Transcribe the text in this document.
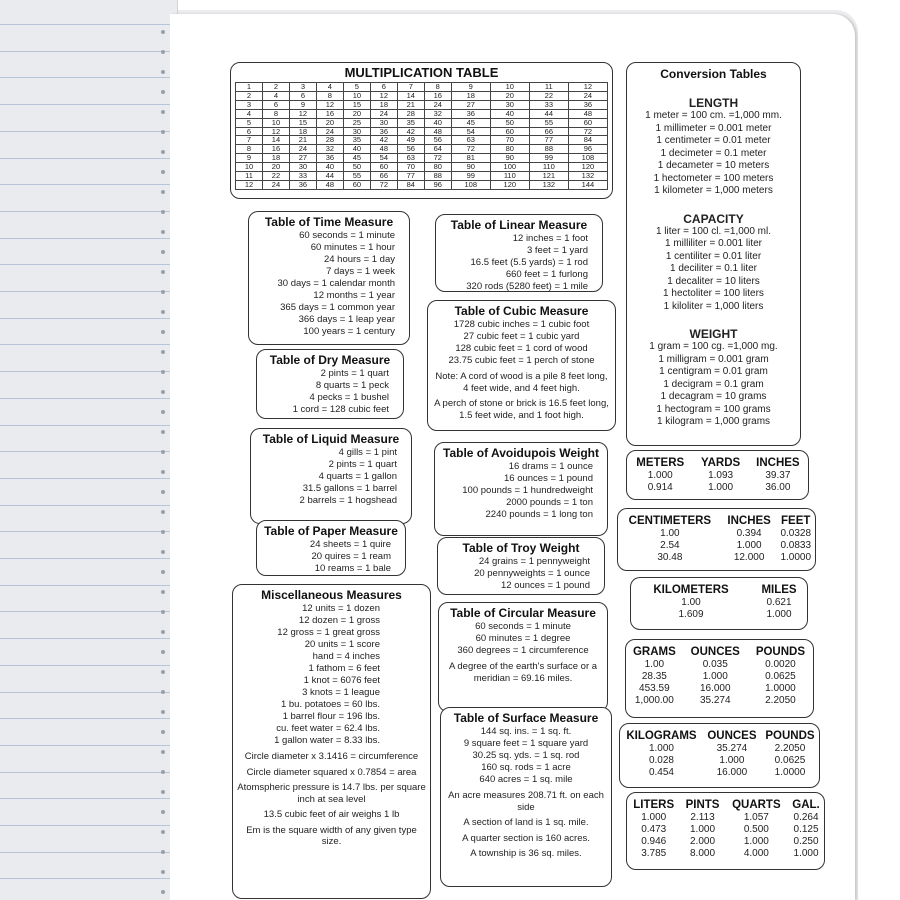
MULTIPLICATION TABLE
1	2	3	4	5	6	7	8	9	10	11	12
2	4	6	8	10	12	14	16	18	20	22	24
3	6	9	12	15	18	21	24	27	30	33	36
4	8	12	16	20	24	28	32	36	40	44	48
5	10	15	20	25	30	35	40	45	50	55	60
6	12	18	24	30	36	42	48	54	60	66	72
7	14	21	28	35	42	49	56	63	70	77	84
8	16	24	32	40	48	56	64	72	80	88	96
9	18	27	36	45	54	63	72	81	90	99	108
10	20	30	40	50	60	70	80	90	100	110	120
11	22	33	44	55	66	77	88	99	110	121	132
12	24	36	48	60	72	84	96	108	120	132	144
Table of Time Measure
60 seconds = 1 minute
60 minutes = 1 hour
24 hours = 1 day
7 days = 1 week
30 days = 1 calendar month
12 months = 1 year
365 days = 1 common year
366 days = 1 leap year
100 years = 1 century
Table of Linear Measure
12 inches = 1 foot
3 feet = 1 yard
16.5 feet (5.5 yards) = 1 rod
660 feet = 1 furlong
320 rods (5280 feet) = 1 mile
Table of Cubic Measure
1728 cubic inches = 1 cubic foot
27 cubic feet = 1 cubic yard
128 cubic feet = 1 cord of wood
23.75 cubic feet = 1 perch of stone
Note: A cord of wood is a pile 8 feet long, 4 feet wide, and 4 feet high.
A perch of stone or brick is 16.5 feet long, 1.5 feet wide, and 1 foot high.
Table of Dry Measure
2 pints = 1 quart
8 quarts = 1 peck
4 pecks = 1 bushel
1 cord = 128 cubic feet
Table of Liquid Measure
4 gills = 1 pint
2 pints = 1 quart
4 quarts = 1 gallon
31.5 gallons = 1 barrel
2 barrels = 1 hogshead
Table of Avoidupois Weight
16 drams = 1 ounce
16 ounces = 1 pound
100 pounds = 1 hundredweight
2000 pounds = 1 ton
2240 pounds = 1 long ton
Table of Paper Measure
24 sheets = 1 quire
20 quires = 1 ream
10 reams = 1 bale
Table of Troy Weight
24 grains = 1 pennyweight
20 pennyweights = 1 ounce
12 ounces = 1 pound
Miscellaneous Measures
12 units = 1 dozen
12 dozen = 1 gross
12 gross = 1 great gross
20 units = 1 score
hand = 4 inches
1 fathom = 6 feet
1 knot = 6076 feet
3 knots = 1 league
1 bu. potatoes = 60 lbs.
1 barrel flour = 196 lbs.
cu. feet water = 62.4 lbs.
1 gallon water = 8.33 lbs.
Circle diameter x 3.1416 = circumference
Circle diameter squared x 0.7854 = area
Atomspheric pressure is 14.7 lbs. per square inch at sea level
13.5 cubic feet of air weighs 1 lb
Em is the square width of any given type size.
Table of Circular Measure
60 seconds = 1 minute
60 minutes = 1 degree
360 degrees = 1 circumference
A degree of the earth's surface or a meridian = 69.16 miles.
Table of Surface Measure
144 sq. ins. = 1 sq. ft.
9 square feet = 1 square yard
30.25 sq. yds. = 1 sq. rod
160 sq. rods = 1 acre
640 acres = 1 sq. mile
An acre measures 208.71 ft. on each side
A section of land is 1 sq. mile.
A quarter section is 160 acres.
A township is 36 sq. miles.
Conversion Tables
LENGTH
1 meter = 100 cm. =1,000 mm.
1 millimeter = 0.001 meter
1 centimeter = 0.01 meter
1 decimeter = 0.1 meter
1 decameter = 10 meters
1 hectometer = 100 meters
1 kilometer = 1,000 meters
CAPACITY
1 liter = 100 cl. =1,000 ml.
1 milliliter = 0.001 liter
1 centiliter = 0.01 liter
1 deciliter = 0.1 liter
1 decaliter = 10 liters
1 hectoliter = 100 liters
1 kiloliter = 1,000 liters
WEIGHT
1 gram = 100 cg. =1,000 mg.
1 milligram = 0.001 gram
1 centigram = 0.01 gram
1 decigram = 0.1 gram
1 decagram = 10 grams
1 hectogram = 100 grams
1 kilogram = 1,000 grams
METERS	YARDS	INCHES
1.000	1.093	39.37
0.914	1.000	36.00
CENTIMETERS	INCHES	FEET
1.00	0.394	0.0328
2.54	1.000	0.0833
30.48	12.000	1.0000
KILOMETERS	MILES
1.00	0.621
1.609	1.000
GRAMS	OUNCES	POUNDS
1.00	0.035	0.0020
28.35	1.000	0.0625
453.59	16.000	1.0000
1,000.00	35.274	2.2050
KILOGRAMS	OUNCES	POUNDS
1.000	35.274	2.2050
0.028	1.000	0.0625
0.454	16.000	1.0000
LITERS	PINTS	QUARTS	GAL.
1.000	2.113	1.057	0.264
0.473	1.000	0.500	0.125
0.946	2.000	1.000	0.250
3.785	8.000	4.000	1.000
